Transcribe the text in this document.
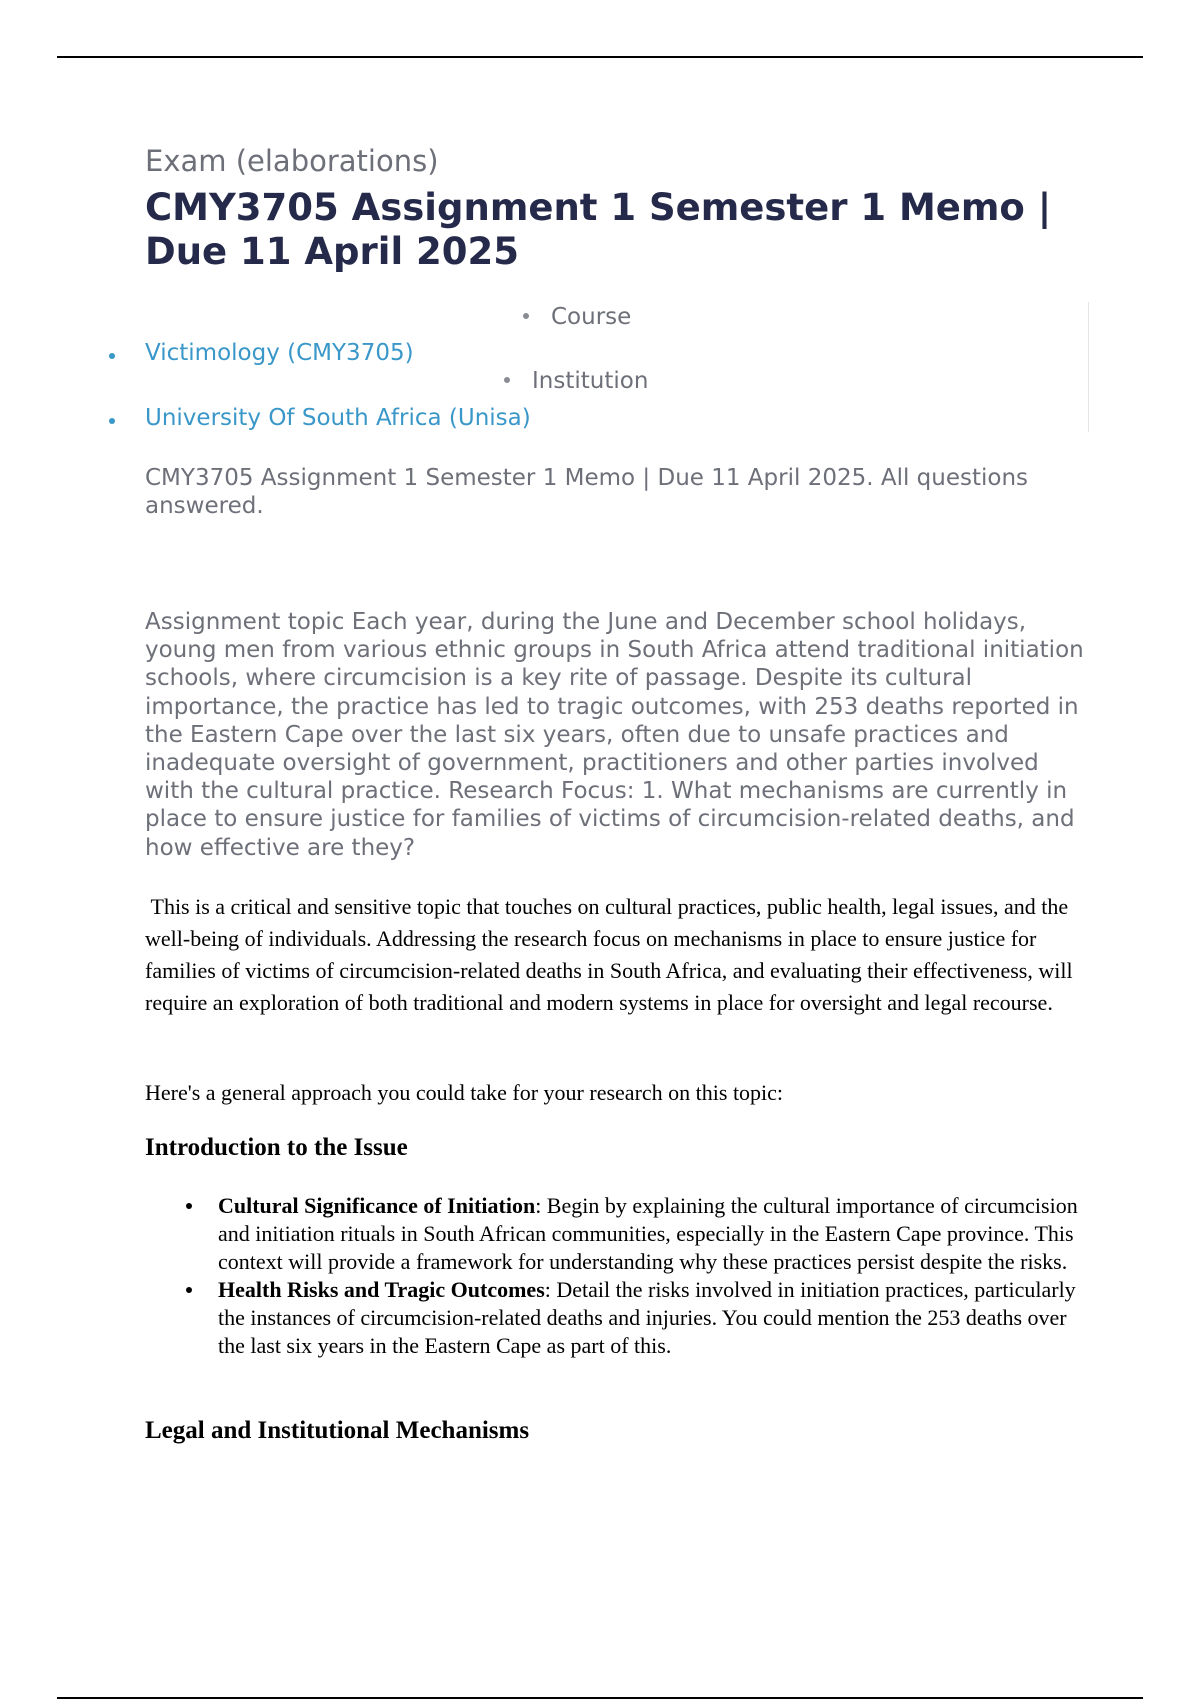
Exam (elaborations)
CMY3705 Assignment 1 Semester 1 Memo | Due 11 April 2025
Course
Victimology (CMY3705)
Institution
University Of South Africa (Unisa)

CMY3705 Assignment 1 Semester 1 Memo | Due 11 April 2025. All questions answered.

Assignment topic Each year, during the June and December school holidays, young men from various ethnic groups in South Africa attend traditional initiation schools, where circumcision is a key rite of passage. Despite its cultural importance, the practice has led to tragic outcomes, with 253 deaths reported in the Eastern Cape over the last six years, often due to unsafe practices and inadequate oversight of government, practitioners and other parties involved with the cultural practice. Research Focus: 1. What mechanisms are currently in place to ensure justice for families of victims of circumcision-related deaths, and how effective are they?

This is a critical and sensitive topic that touches on cultural practices, public health, legal issues, and the well-being of individuals. Addressing the research focus on mechanisms in place to ensure justice for families of victims of circumcision-related deaths in South Africa, and evaluating their effectiveness, will require an exploration of both traditional and modern systems in place for oversight and legal recourse.

Here's a general approach you could take for your research on this topic:

Introduction to the Issue
Cultural Significance of Initiation: Begin by explaining the cultural importance of circumcision and initiation rituals in South African communities, especially in the Eastern Cape province. This context will provide a framework for understanding why these practices persist despite the risks.
Health Risks and Tragic Outcomes: Detail the risks involved in initiation practices, particularly the instances of circumcision-related deaths and injuries. You could mention the 253 deaths over the last six years in the Eastern Cape as part of this.
Legal and Institutional Mechanisms
